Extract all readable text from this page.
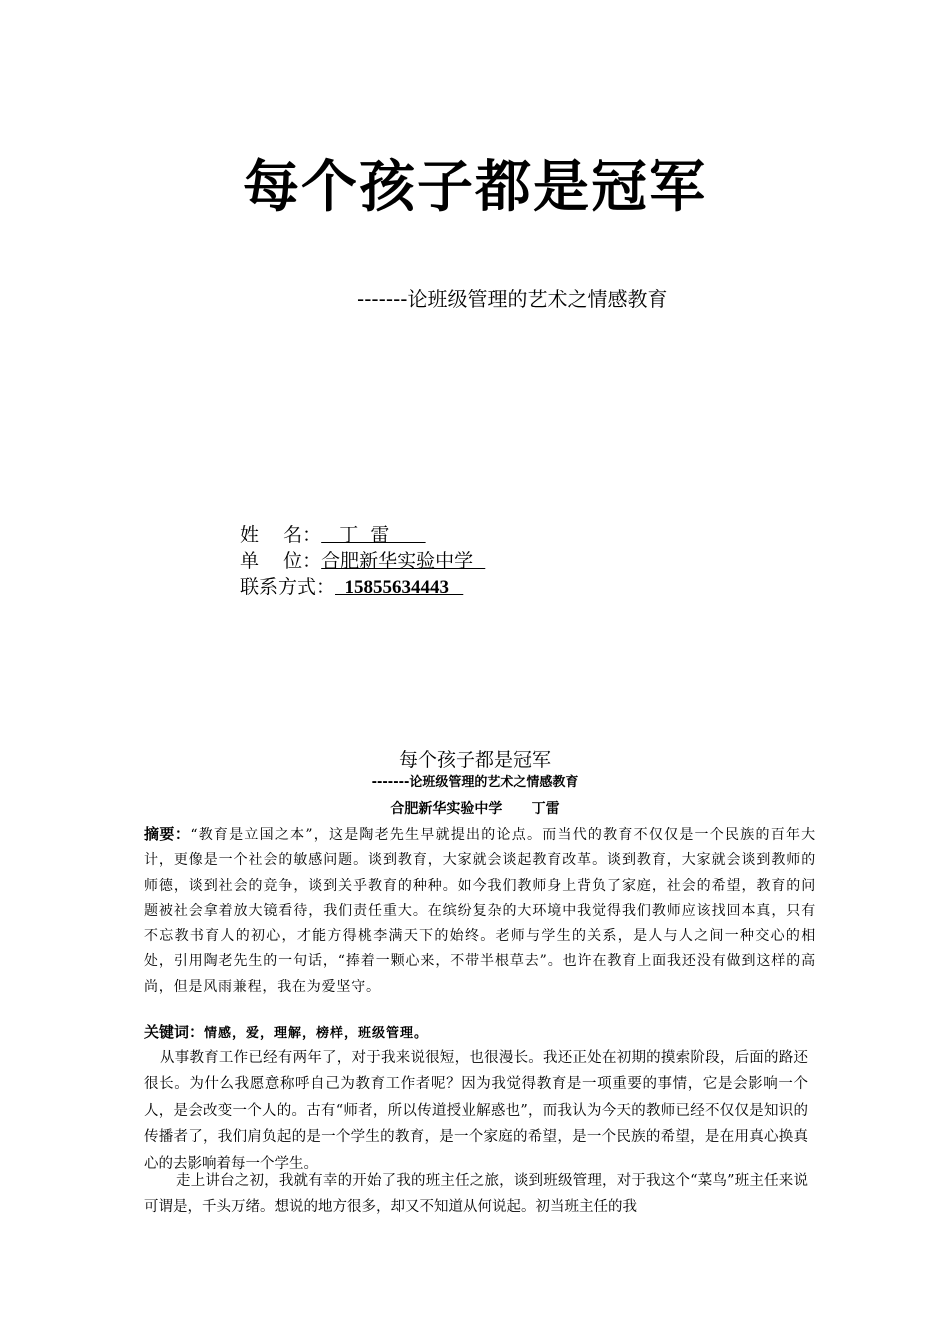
每个孩子都是冠军
-------论班级管理的艺术之情感教育
姓    名：   丁  雷
单    位：合肥新华实验中学
联系方式：  15855634443
每个孩子都是冠军
-------论班级管理的艺术之情感教育
合肥新华实验中学      丁雷
摘要：“教育是立国之本”，这是陶老先生早就提出的论点。而当代的教育不仅仅是一个民族的百年大计，更像是一个社会的敏感问题。谈到教育，大家就会谈起教育改革。谈到教育，大家就会谈到教师的师德，谈到社会的竞争，谈到关乎教育的种种。如今我们教师身上背负了家庭，社会的希望，教育的问题被社会拿着放大镜看待，我们责任重大。在缤纷复杂的大环境中我觉得我们教师应该找回本真，只有不忘教书育人的初心，才能方得桃李满天下的始终。老师与学生的关系，是人与人之间一种交心的相处，引用陶老先生的一句话，“捧着一颗心来，不带半根草去”。也许在教育上面我还没有做到这样的高尚，但是风雨兼程，我在为爱坚守。
关键词：情感，爱，理解，榜样，班级管理。
从事教育工作已经有两年了，对于我来说很短，也很漫长。我还正处在初期的摸索阶段，后面的路还很长。为什么我愿意称呼自己为教育工作者呢？因为我觉得教育是一项重要的事情，它是会影响一个人，是会改变一个人的。古有“师者，所以传道授业解惑也”，而我认为今天的教师已经不仅仅是知识的传播者了，我们肩负起的是一个学生的教育，是一个家庭的希望，是一个民族的希望，是在用真心换真心的去影响着每一个学生。
走上讲台之初，我就有幸的开始了我的班主任之旅，谈到班级管理，对于我这个“菜鸟”班主任来说可谓是，千头万绪。想说的地方很多，却又不知道从何说起。初当班主任的我
